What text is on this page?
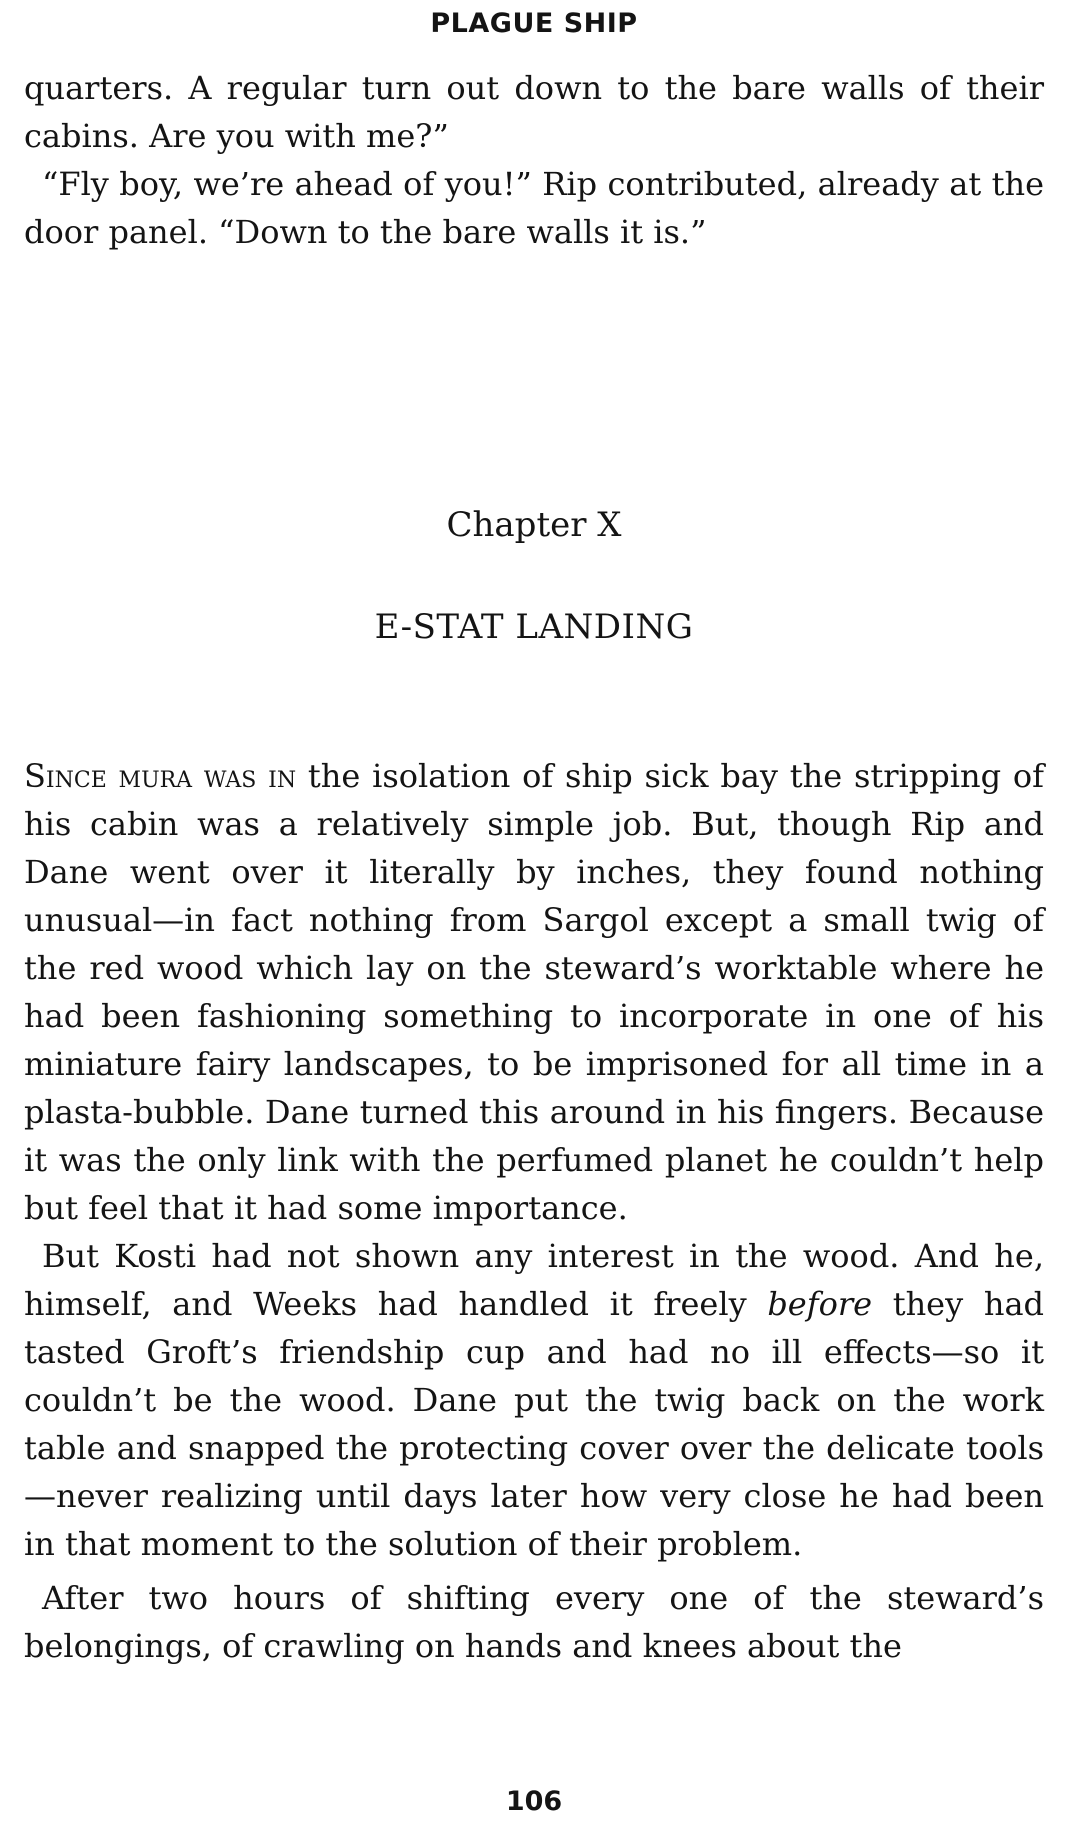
PLAGUE SHIP

quarters. A regular turn out down to the bare walls of their cabins. Are you with me?”

“Fly boy, we’re ahead of you!” Rip contributed, already at the door panel. “Down to the bare walls it is.”

Chapter X
E-STAT LANDING

Since mura was in the isolation of ship sick bay the stripping of his cabin was a relatively simple job. But, though Rip and Dane went over it literally by inches, they found nothing unusual—in fact nothing from Sargol except a small twig of the red wood which lay on the steward’s worktable where he had been fashioning something to incorporate in one of his miniature fairy landscapes, to be imprisoned for all time in a plasta-bubble. Dane turned this around in his fingers. Because it was the only link with the perfumed planet he couldn’t help but feel that it had some importance.

But Kosti had not shown any interest in the wood. And he, himself, and Weeks had handled it freely before they had tasted Groft’s friendship cup and had no ill effects—so it couldn’t be the wood. Dane put the twig back on the work table and snapped the protecting cover over the delicate tools—never realizing until days later how very close he had been in that moment to the solution of their problem.

After two hours of shifting every one of the steward’s belongings, of crawling on hands and knees about the

106
